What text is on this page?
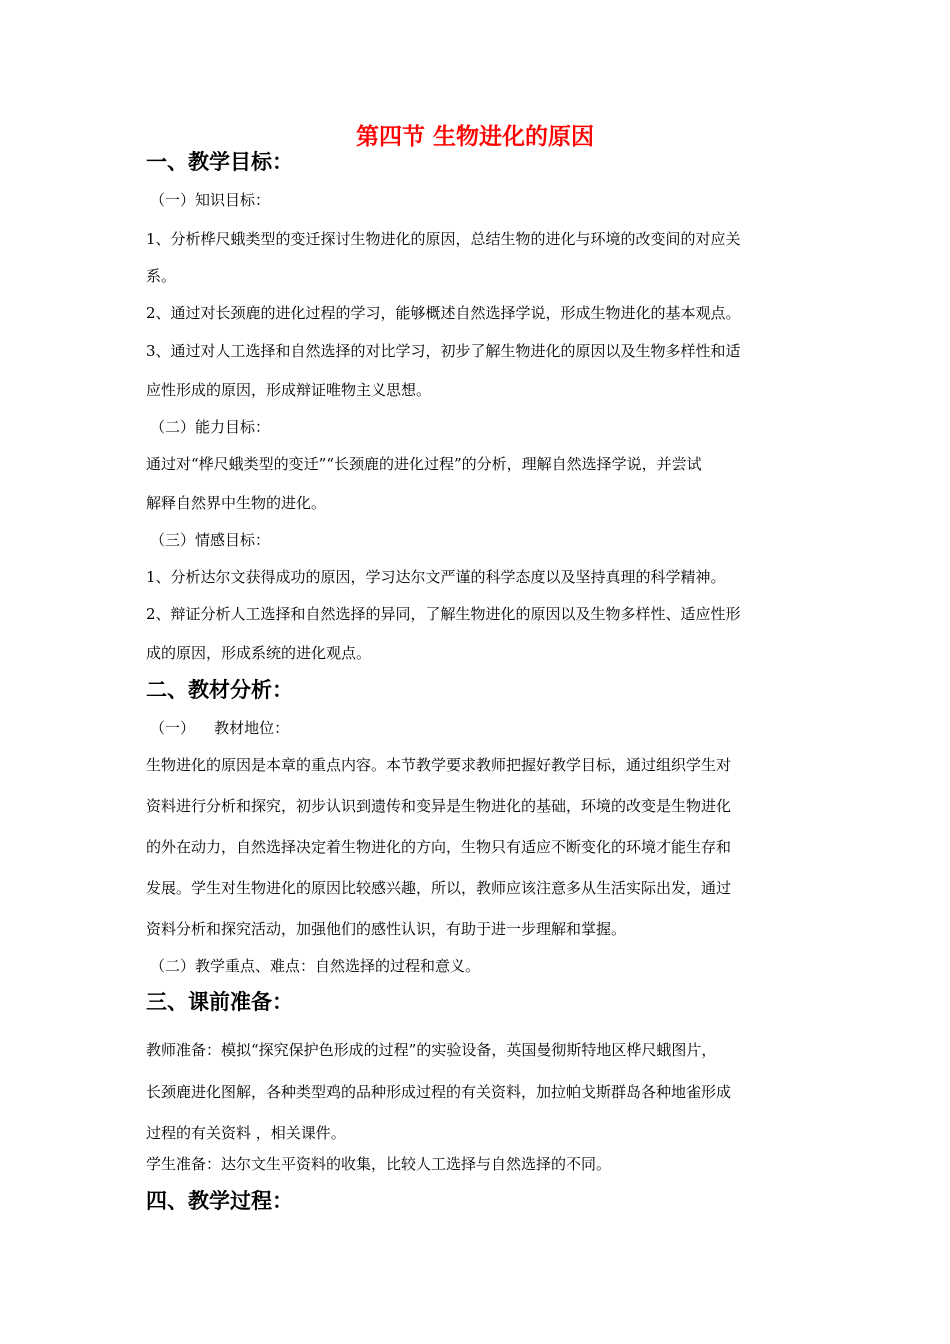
第四节 生物进化的原因
一、教学目标：

（一）知识目标：

1、分析桦尺蛾类型的变迁探讨生物进化的原因，总结生物的进化与环境的改变间的对应关

系。

2、通过对长颈鹿的进化过程的学习，能够概述自然选择学说，形成生物进化的基本观点。

3、通过对人工选择和自然选择的对比学习，初步了解生物进化的原因以及生物多样性和适

应性形成的原因，形成辩证唯物主义思想。

（二）能力目标：

通过对“桦尺蛾类型的变迁”“长颈鹿的进化过程”的分析，理解自然选择学说，并尝试

解释自然界中生物的进化。

（三）情感目标：

1、分析达尔文获得成功的原因，学习达尔文严谨的科学态度以及坚持真理的科学精神。

2、辩证分析人工选择和自然选择的异同，了解生物进化的原因以及生物多样性、适应性形

成的原因，形成系统的进化观点。

二、教材分析：

（一）    教材地位：

生物进化的原因是本章的重点内容。本节教学要求教师把握好教学目标，通过组织学生对

资料进行分析和探究，初步认识到遗传和变异是生物进化的基础，环境的改变是生物进化

的外在动力，自然选择决定着生物进化的方向，生物只有适应不断变化的环境才能生存和

发展。学生对生物进化的原因比较感兴趣，所以，教师应该注意多从生活实际出发，通过

资料分析和探究活动，加强他们的感性认识，有助于进一步理解和掌握。

（二）教学重点、难点：自然选择的过程和意义。

三、课前准备：

教师准备：模拟“探究保护色形成的过程”的实验设备，英国曼彻斯特地区桦尺蛾图片，

长颈鹿进化图解，各种类型鸡的品种形成过程的有关资料，加拉帕戈斯群岛各种地雀形成

过程的有关资料 ，相关课件。

学生准备：达尔文生平资料的收集，比较人工选择与自然选择的不同。

四、教学过程：
